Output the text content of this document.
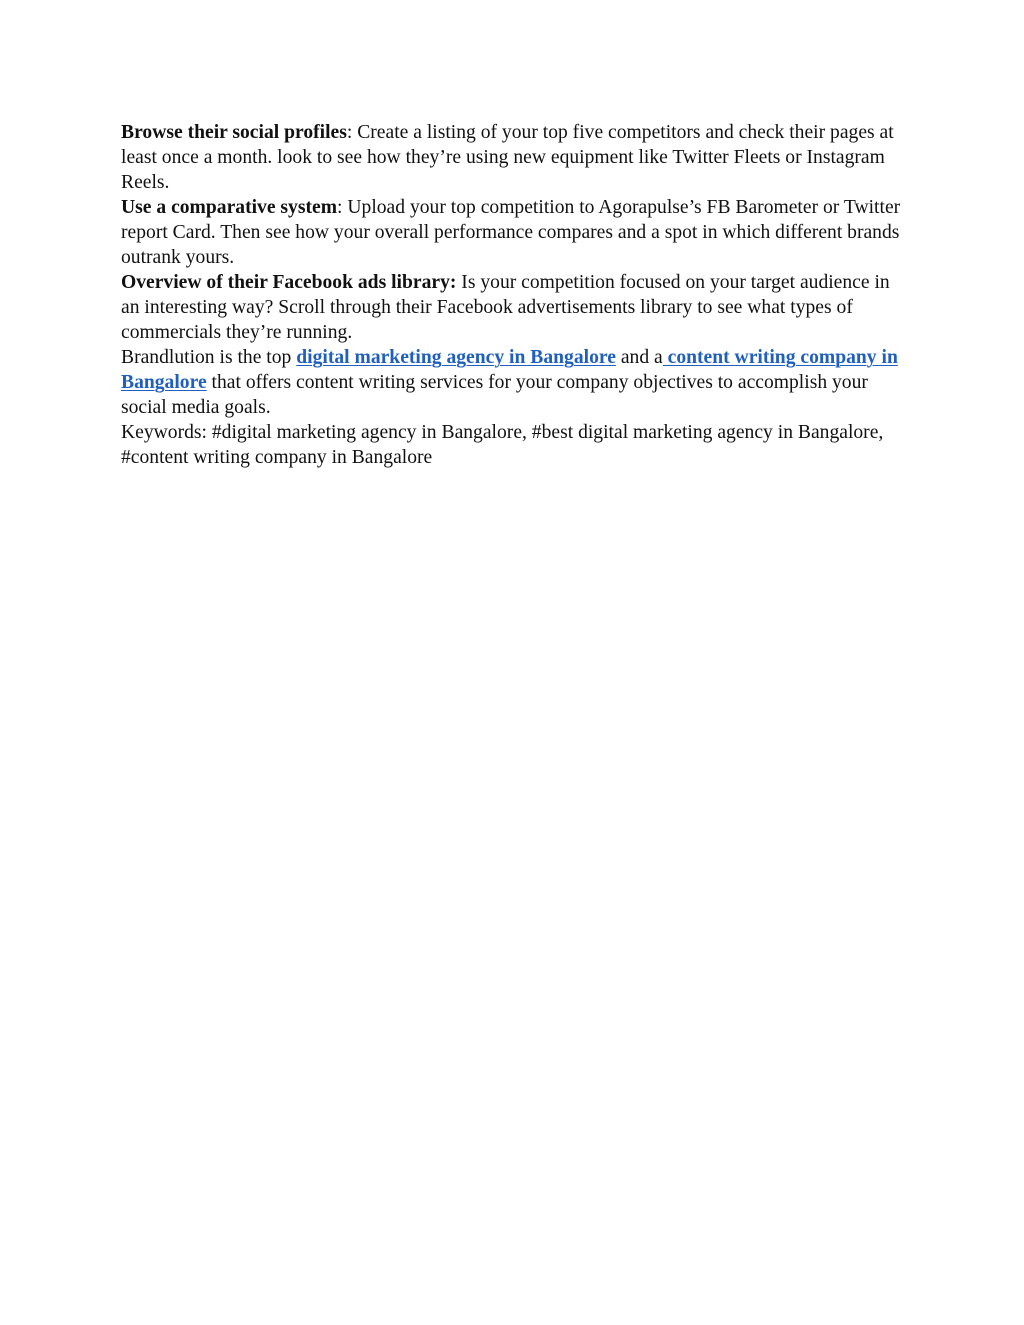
Browse their social profiles: Create a listing of your top five competitors and check their pages at least once a month. look to see how they’re using new equipment like Twitter Fleets or Instagram Reels.

Use a comparative system: Upload your top competition to Agorapulse’s FB Barometer or Twitter report Card. Then see how your overall performance compares and a spot in which different brands outrank yours.

Overview of their Facebook ads library: Is your competition focused on your target audience in an interesting way? Scroll through their Facebook advertisements library to see what types of commercials they’re running.

Brandlution is the top digital marketing agency in Bangalore and a content writing company in Bangalore that offers content writing services for your company objectives to accomplish your social media goals.

Keywords: #digital marketing agency in Bangalore, #best digital marketing agency in Bangalore, #content writing company in Bangalore
